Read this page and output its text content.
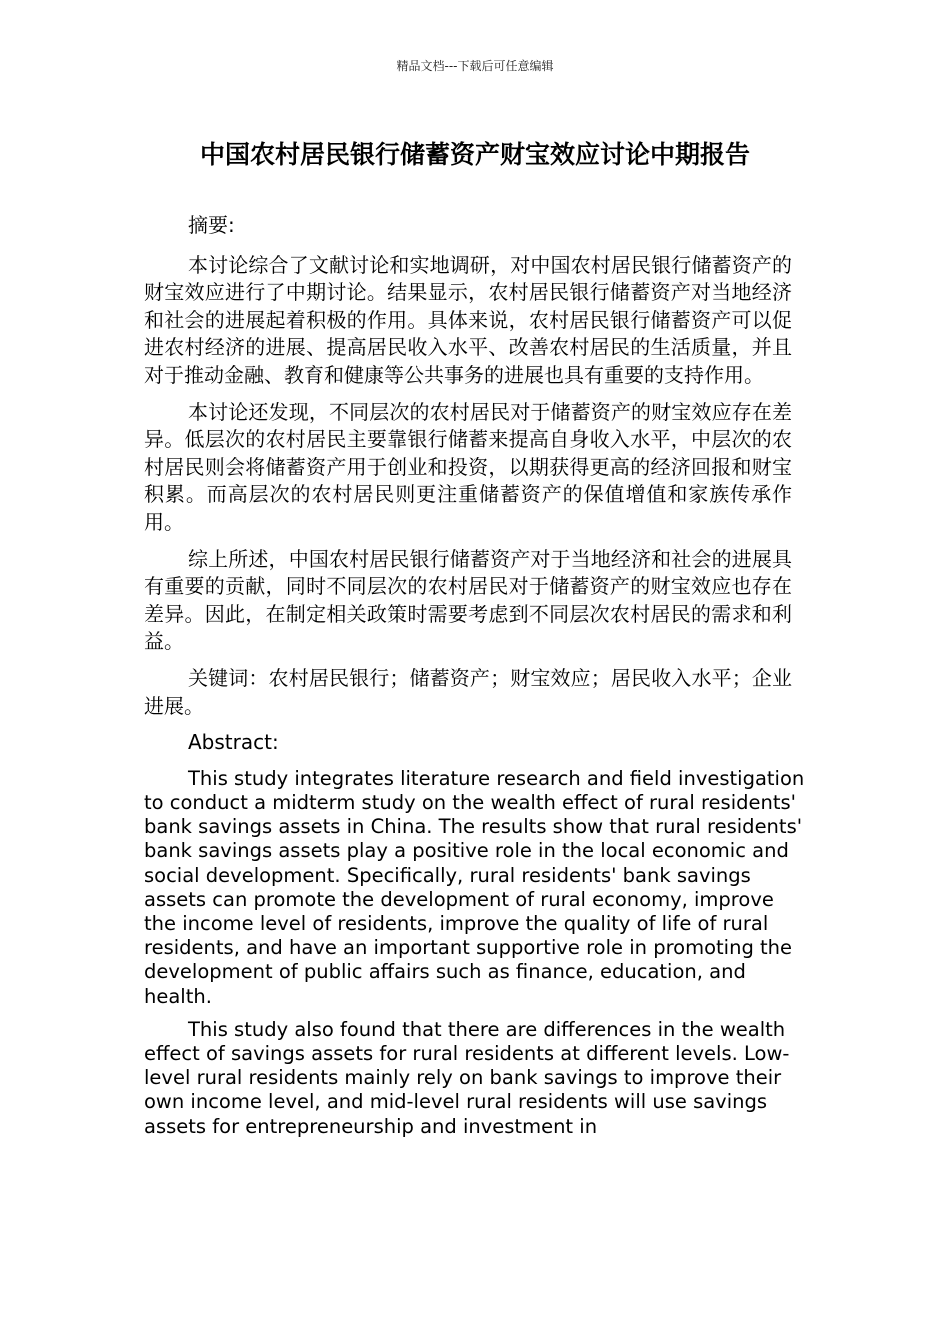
精品文档---下载后可任意编辑
中国农村居民银行储蓄资产财宝效应讨论中期报告

摘要:

本讨论综合了文献讨论和实地调研，对中国农村居民银行储蓄资产的财宝效应进行了中期讨论。结果显示，农村居民银行储蓄资产对当地经济和社会的进展起着积极的作用。具体来说，农村居民银行储蓄资产可以促进农村经济的进展、提高居民收入水平、改善农村居民的生活质量，并且对于推动金融、教育和健康等公共事务的进展也具有重要的支持作用。

本讨论还发现，不同层次的农村居民对于储蓄资产的财宝效应存在差异。低层次的农村居民主要靠银行储蓄来提高自身收入水平，中层次的农村居民则会将储蓄资产用于创业和投资，以期获得更高的经济回报和财宝积累。而高层次的农村居民则更注重储蓄资产的保值增值和家族传承作用。

综上所述，中国农村居民银行储蓄资产对于当地经济和社会的进展具有重要的贡献，同时不同层次的农村居民对于储蓄资产的财宝效应也存在差异。因此，在制定相关政策时需要考虑到不同层次农村居民的需求和利益。

关键词：农村居民银行；储蓄资产；财宝效应；居民收入水平；企业进展。

Abstract:

This study integrates literature research and field investigation to conduct a midterm study on the wealth effect of rural residents' bank savings assets in China. The results show that rural residents' bank savings assets play a positive role in the local economic and social development. Specifically, rural residents' bank savings assets can promote the development of rural economy, improve the income level of residents, improve the quality of life of rural residents, and have an important supportive role in promoting the development of public affairs such as finance, education, and health.

This study also found that there are differences in the wealth effect of savings assets for rural residents at different levels. Low-level rural residents mainly rely on bank savings to improve their own income level, and mid-level rural residents will use savings assets for entrepreneurship and investment in
